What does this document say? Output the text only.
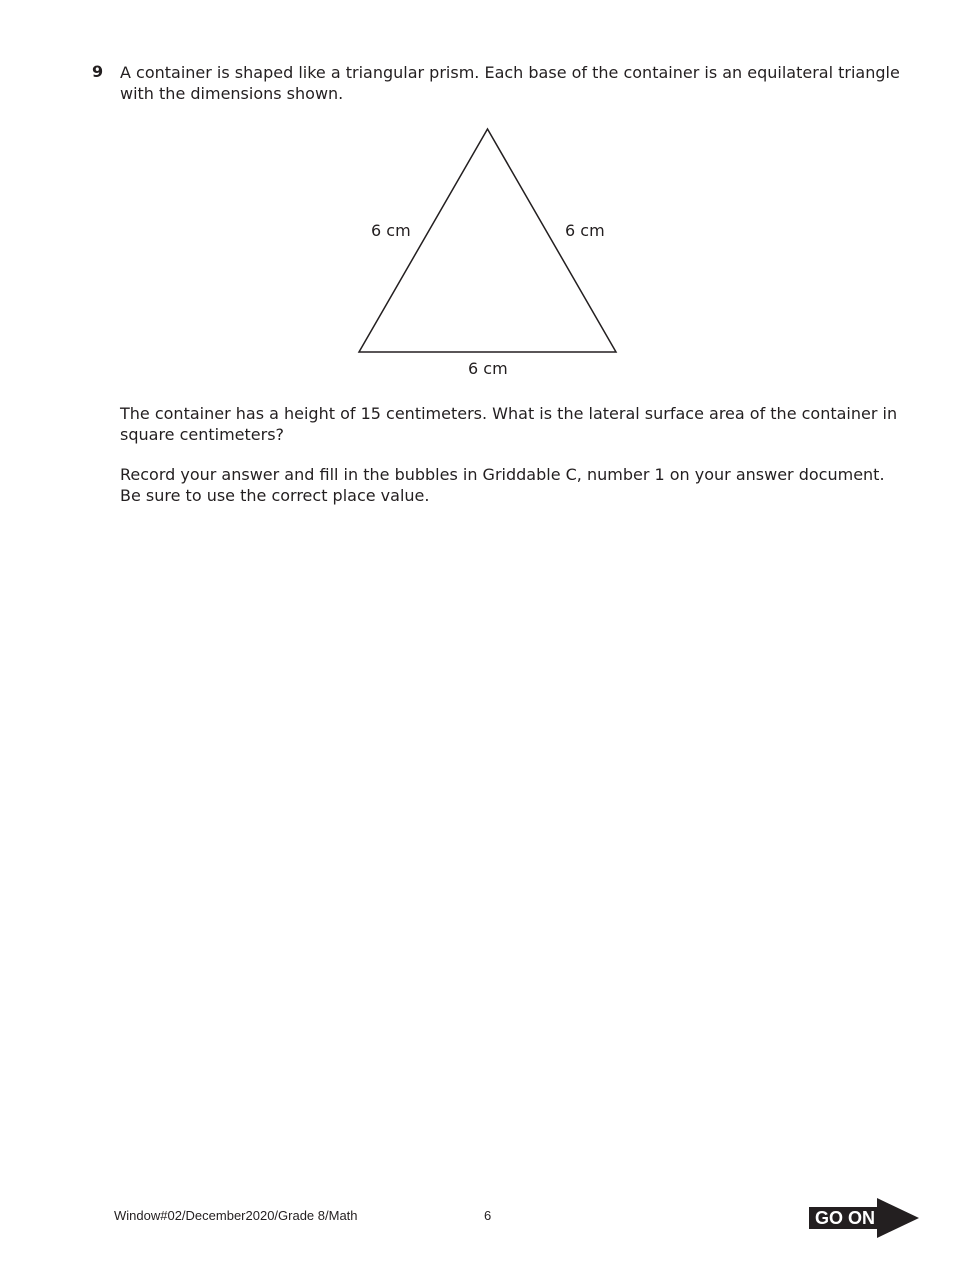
9 A container is shaped like a triangular prism. Each base of the container is an equilateral triangle with the dimensions shown.
6 cm	6 cm
6 cm
The container has a height of 15 centimeters. What is the lateral surface area of the container in square centimeters?
Record your answer and fill in the bubbles in Griddable C, number 1 on your answer document. Be sure to use the correct place value.
Window#02/December2020/Grade 8/Math	6	GO ON
